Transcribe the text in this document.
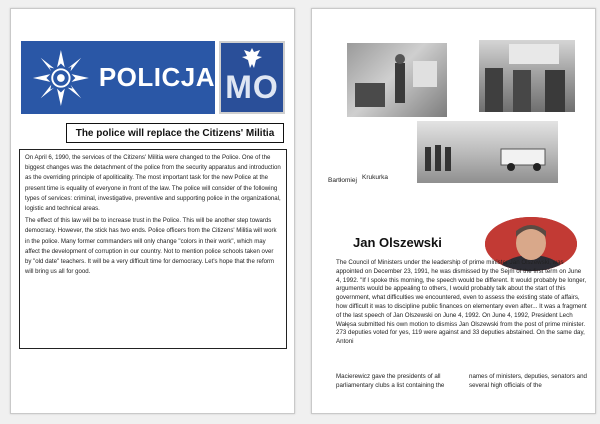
POLICJA MO
The police will replace the Citizens' Militia

On April 6, 1990, the services of the Citizens' Militia were changed to the Police. One of the biggest changes was the detachment of the police from the security apparatus and introduction as the overriding principle of apoliticality. The most important task for the new Police at the present time is equality of everyone in front of the law. The police will consider of the following types of services: criminal, investigative, preventive and supporting police in the organizational, logistic and technical areas.

The effect of this law will be to increase trust in the Police. This will be another step towards democracy. However, the stick has two ends. Police officers from the Citizens' Militia will work in the police. Many former commanders will only change "colors in their work", which may affect the development of corruption in our country. Not to mention police schools taken over by "old date" teachers. It will be a very difficult time for democracy. Let's hope that the reform will bring us all for good.

Bartłomiej Krukurka
Jan Olszewski

The Council of Ministers under the leadership of prime minister Jan Olszewski, was appointed on December 23, 1991, he was dismissed by the Sejm of the first term on June 4, 1992. "If I spoke this morning, the speech would be different. It would probably be longer, arguments would be appealing to others, I would probably talk about the start of this government, what difficulties we encountered, even to assess the existing state of affairs, how difficult it was to discipline public finances on elementary even after... It was a fragment of the last speech of Jan Olszewski on June 4, 1992. On June 4, 1992, President Lech Wałęsa submitted his own motion to dismiss Jan Olszewski from the post of prime minister. 273 deputies voted for yes, 119 were against and 33 deputies abstained. On the same day, Antoni

Macierewicz gave the presidents of all parliamentary clubs a list containing the
names of ministers, deputies, senators and several high officials of the
